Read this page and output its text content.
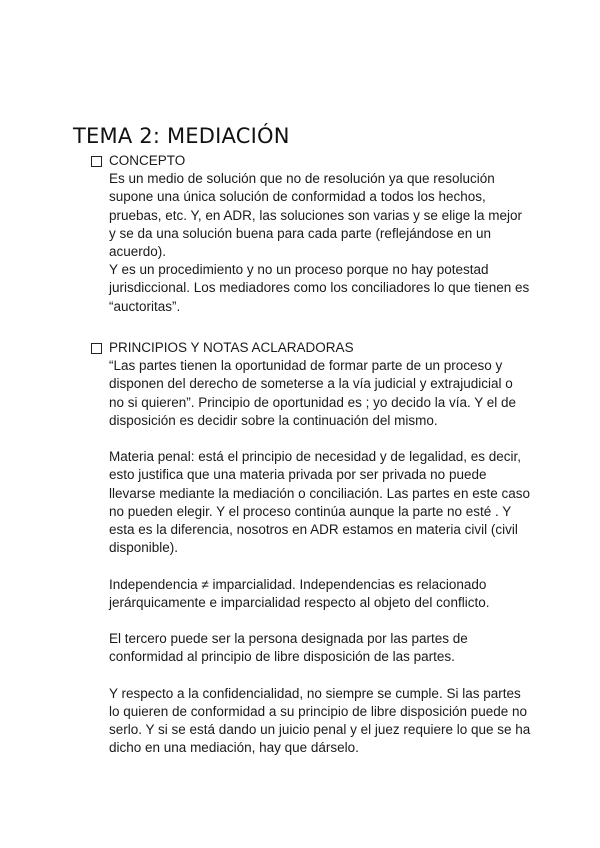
TEMA 2: MEDIACIÓN
CONCEPTO

Es un medio de solución que no de resolución ya que resolución supone una única solución de conformidad a todos los hechos, pruebas, etc. Y, en ADR, las soluciones son varias y se elige la mejor y se da una solución buena para cada parte (reflejándose en un acuerdo).

Y es un procedimiento y no un proceso porque no hay potestad jurisdiccional. Los mediadores como los conciliadores lo que tienen es “auctoritas”.

PRINCIPIOS Y NOTAS ACLARADORAS

“Las partes tienen la oportunidad de formar parte de un proceso y disponen del derecho de someterse a la vía judicial y extrajudicial o no si quieren”. Principio de oportunidad es ; yo decido la vía. Y el de disposición es decidir sobre la continuación del mismo.

Materia penal: está el principio de necesidad y de legalidad, es decir, esto justifica que una materia privada por ser privada no puede llevarse mediante la mediación o conciliación. Las partes en este caso no pueden elegir. Y el proceso continúa aunque la parte no esté . Y esta es la diferencia, nosotros en ADR estamos en materia civil (civil disponible).

Independencia ≠ imparcialidad. Independencias es relacionado jerárquicamente e imparcialidad respecto al objeto del conflicto.

El tercero puede ser la persona designada por las partes de conformidad al principio de libre disposición de las partes.

Y respecto a la confidencialidad, no siempre se cumple. Si las partes lo quieren de conformidad a su principio de libre disposición puede no serlo. Y si se está dando un juicio penal y el juez requiere lo que se ha dicho en una mediación, hay que dárselo.
